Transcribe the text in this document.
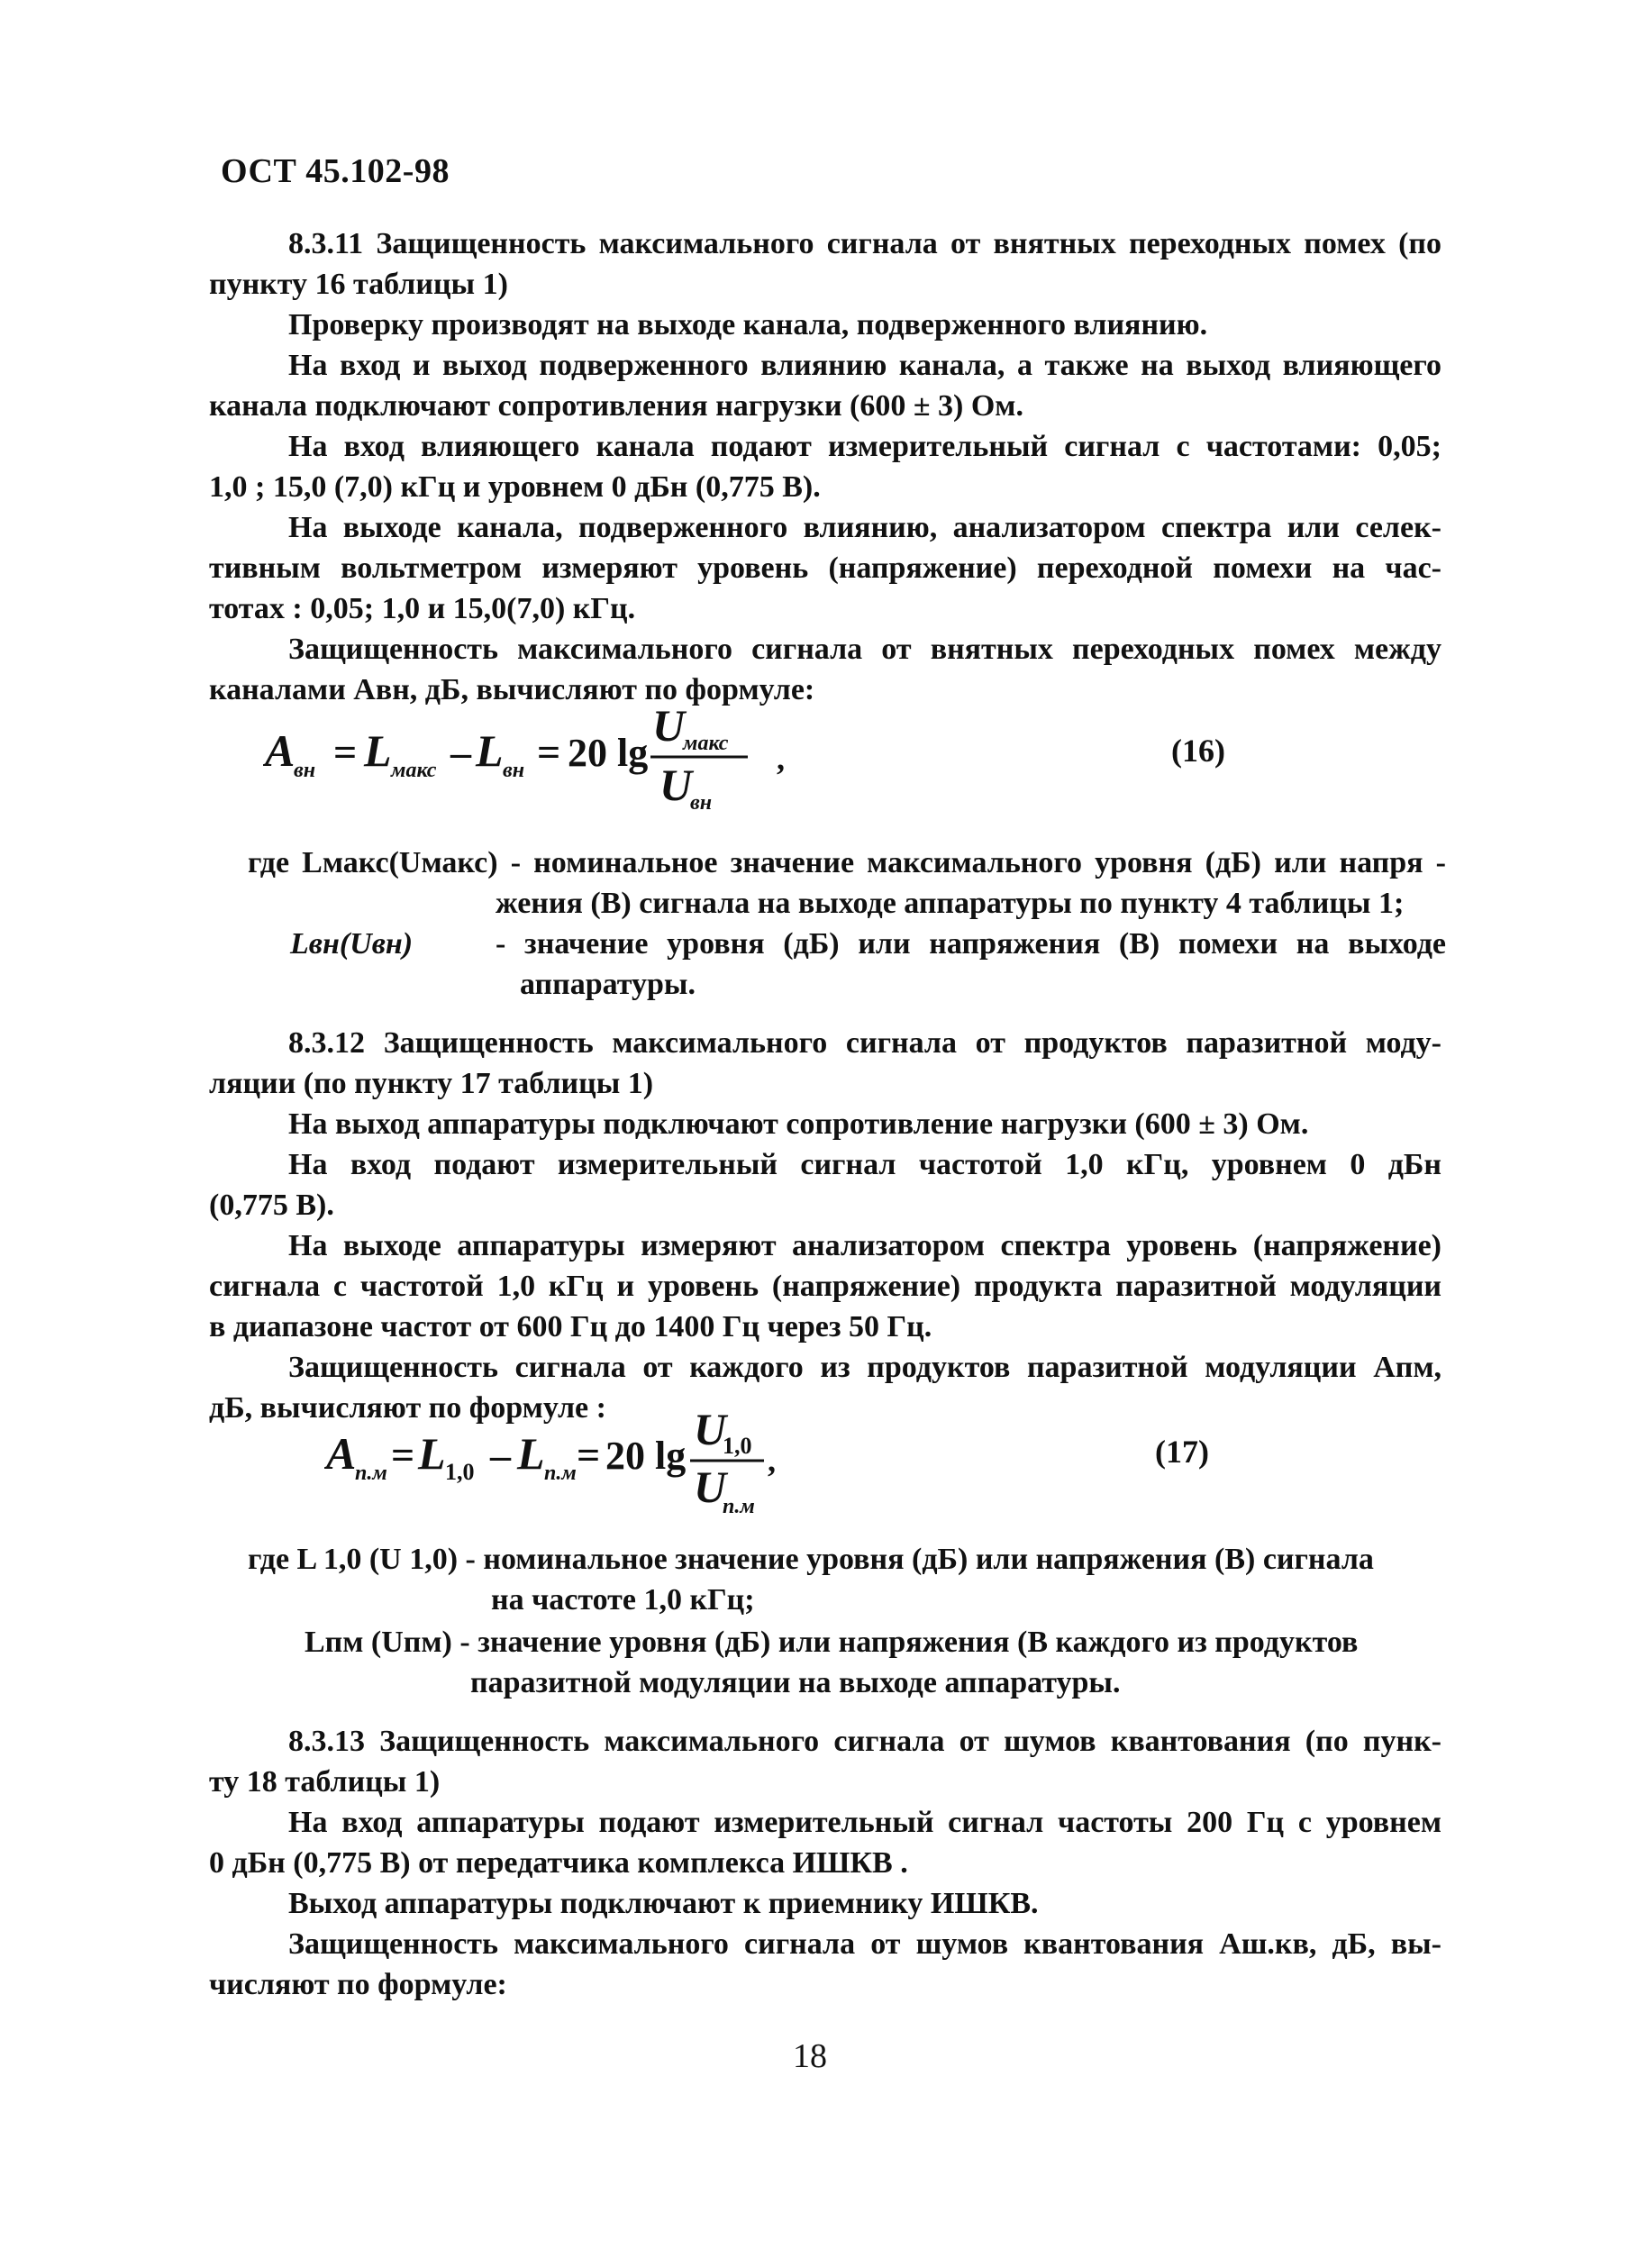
ОСТ 45.102-98

8.3.11 Защищенность максимального сигнала от внятных переходных помех (по

пункту 16 таблицы 1)

Проверку производят на выходе канала, подверженного влиянию.

На вход и выход подверженного влиянию канала, а также на выход влияющего

канала подключают сопротивления нагрузки (600 ± 3) Ом.

На вход влияющего канала подают измерительный сигнал с частотами: 0,05;

1,0 ; 15,0 (7,0) кГц и уровнем 0 дБн (0,775 В).

На выходе канала, подверженного влиянию, анализатором спектра или селек-

тивным вольтметром измеряют уровень (напряжение) переходной помехи на час-

тотах : 0,05; 1,0 и 15,0(7,0) кГц.

Защищенность максимального сигнала от внятных переходных помех между

каналами Aвн, дБ, вычисляют по формуле:

A
вн = L макс – L вн = 20 lg
U
макс
U
вн
,	(16)
где Lмакс(Uмакс) - номинальное значение максимального уровня (дБ) или напря -
жения (В) сигнала на выходе аппаратуры по пункту 4 таблицы 1;
Lвн(Uвн)	- значение уровня (дБ) или напряжения (В) помехи на выходе
аппаратуры.

8.3.12 Защищенность максимального сигнала от продуктов паразитной моду-

ляции (по пункту 17 таблицы 1)

На выход аппаратуры подключают сопротивление нагрузки (600 ± 3) Ом.

На вход подают измерительный сигнал частотой 1,0 кГц, уровнем 0 дБн

(0,775 В).

На выходе аппаратуры измеряют анализатором спектра уровень (напряжение)

сигнала с частотой 1,0 кГц и уровень (напряжение) продукта паразитной модуляции

в диапазоне частот от 600 Гц до 1400 Гц через 50 Гц.

Защищенность сигнала от каждого из продуктов паразитной модуляции Aпм,

дБ, вычисляют по формуле :

A
п.м = L 1,0 – L п.м = 20 lg
U
1,0
U
п.м
,	(17)
где L 1,0 (U 1,0) - номинальное значение уровня (дБ) или напряжения (В) сигнала
на частоте 1,0 кГц;
Lпм (Uпм) - значение уровня (дБ) или напряжения (В каждого из продуктов
паразитной модуляции на выходе аппаратуры.

8.3.13 Защищенность максимального сигнала от шумов квантования (по пунк-

ту 18 таблицы 1)

На вход аппаратуры подают измерительный сигнал частоты 200 Гц с уровнем

0 дБн (0,775 В) от передатчика комплекса ИШКВ .

Выход аппаратуры подключают к приемнику ИШКВ.

Защищенность максимального сигнала от шумов квантования Aш.кв, дБ, вы-

числяют по формуле:

18
